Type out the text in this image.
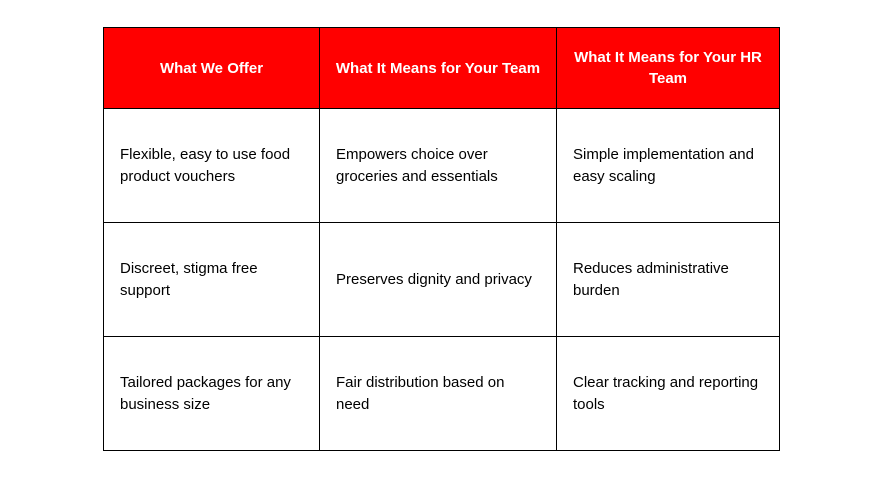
What We Offer	What It Means for Your Team	What It Means for Your HR Team
Flexible, easy to use food product vouchers	Empowers choice over groceries and essentials	Simple implementation and easy scaling
Discreet, stigma free support	Preserves dignity and privacy	Reduces administrative burden
Tailored packages for any business size	Fair distribution based on need	Clear tracking and reporting tools
